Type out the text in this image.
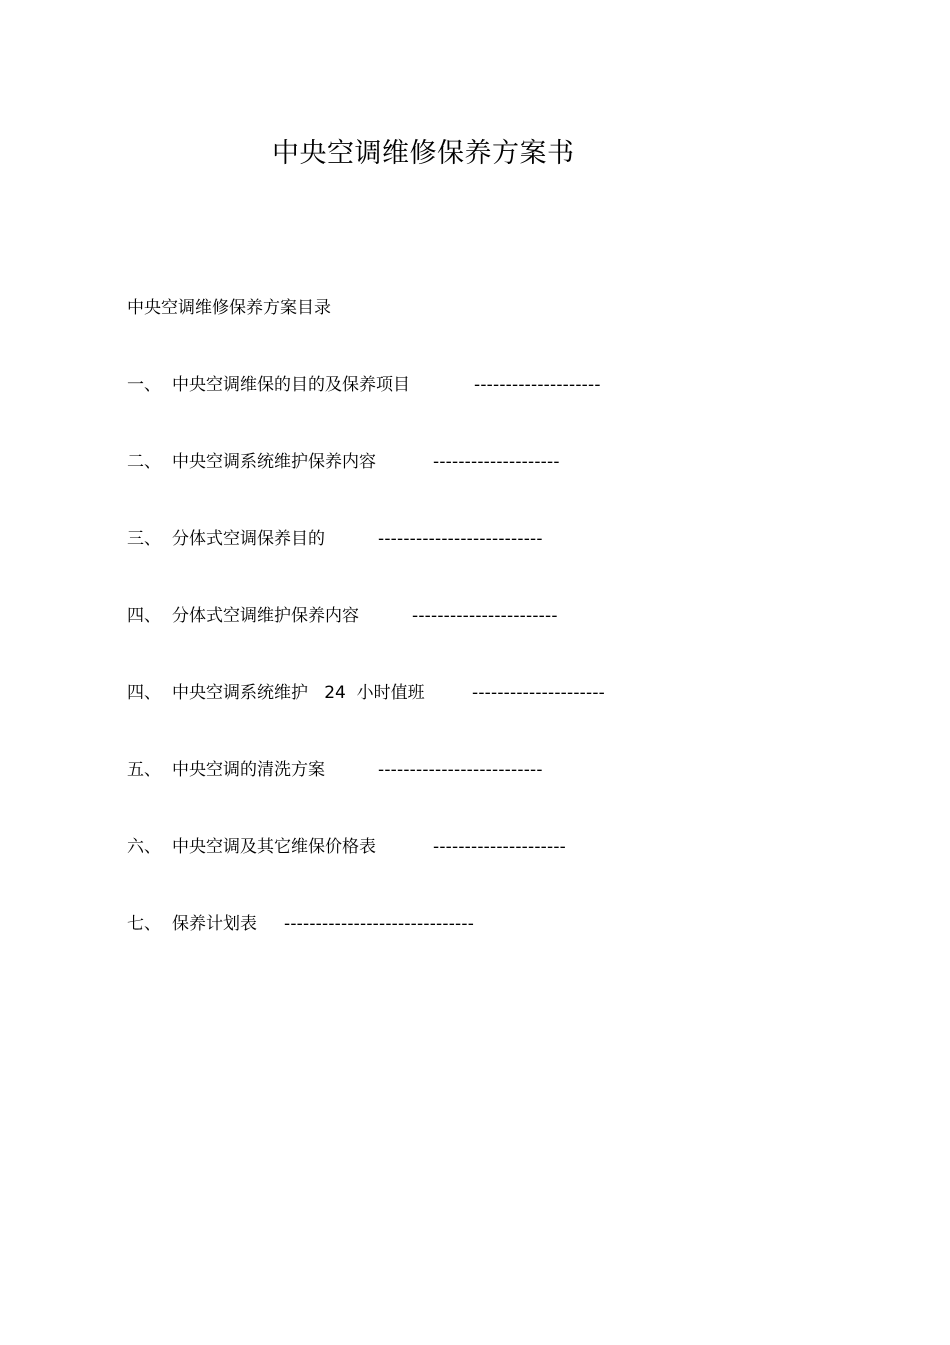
中央空调维修保养方案书
中央空调维修保养方案目录
一、 中央空调维保的目的及保养项目	--------------------
二、 中央空调系统维护保养内容	--------------------
三、 分体式空调保养目的	--------------------------
四、 分体式空调维护保养内容	-----------------------
四、 中央空调系统维护   24  小时值班	---------------------
五、 中央空调的清洗方案	--------------------------
六、 中央空调及其它维保价格表	---------------------
七、 保养计划表 ------------------------------
